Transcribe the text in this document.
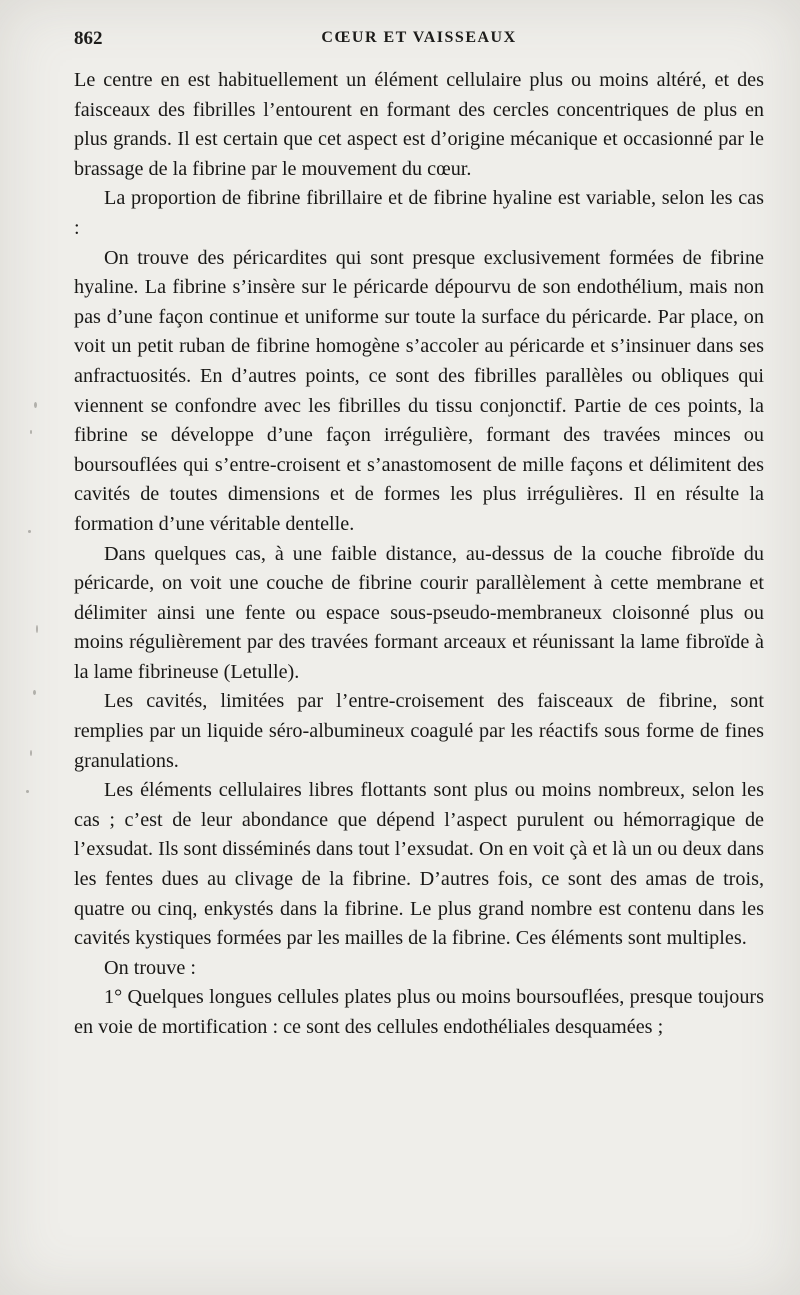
862	CŒUR ET VAISSEAUX

Le centre en est habituellement un élément cellulaire plus ou moins altéré, et des faisceaux des fibrilles l’entourent en formant des cercles concentriques de plus en plus grands. Il est certain que cet aspect est d’origine mécanique et occasionné par le brassage de la fibrine par le mouvement du cœur.

La proportion de fibrine fibrillaire et de fibrine hyaline est variable, selon les cas :

On trouve des péricardites qui sont presque exclusivement formées de fibrine hyaline. La fibrine s’insère sur le péricarde dépourvu de son endothélium, mais non pas d’une façon continue et uniforme sur toute la surface du péricarde. Par place, on voit un petit ruban de fibrine homogène s’accoler au péricarde et s’insinuer dans ses anfractuosités. En d’autres points, ce sont des fibrilles parallèles ou obliques qui viennent se confondre avec les fibrilles du tissu conjonctif. Partie de ces points, la fibrine se développe d’une façon irrégulière, formant des travées minces ou boursouflées qui s’entre-croisent et s’anastomosent de mille façons et délimitent des cavités de toutes dimensions et de formes les plus irrégulières. Il en résulte la formation d’une véritable dentelle.

Dans quelques cas, à une faible distance, au-dessus de la couche fibroïde du péricarde, on voit une couche de fibrine courir parallèlement à cette membrane et délimiter ainsi une fente ou espace sous-pseudo-membraneux cloisonné plus ou moins régulièrement par des travées formant arceaux et réunissant la lame fibroïde à la lame fibrineuse (Letulle).

Les cavités, limitées par l’entre-croisement des faisceaux de fibrine, sont remplies par un liquide séro-albumineux coagulé par les réactifs sous forme de fines granulations.

Les éléments cellulaires libres flottants sont plus ou moins nombreux, selon les cas ; c’est de leur abondance que dépend l’aspect purulent ou hémorragique de l’exsudat. Ils sont disséminés dans tout l’exsudat. On en voit çà et là un ou deux dans les fentes dues au clivage de la fibrine. D’autres fois, ce sont des amas de trois, quatre ou cinq, enkystés dans la fibrine. Le plus grand nombre est contenu dans les cavités kystiques formées par les mailles de la fibrine. Ces éléments sont multiples.

On trouve :

1° Quelques longues cellules plates plus ou moins boursouflées, presque toujours en voie de mortification : ce sont des cellules endothéliales desquamées ;
